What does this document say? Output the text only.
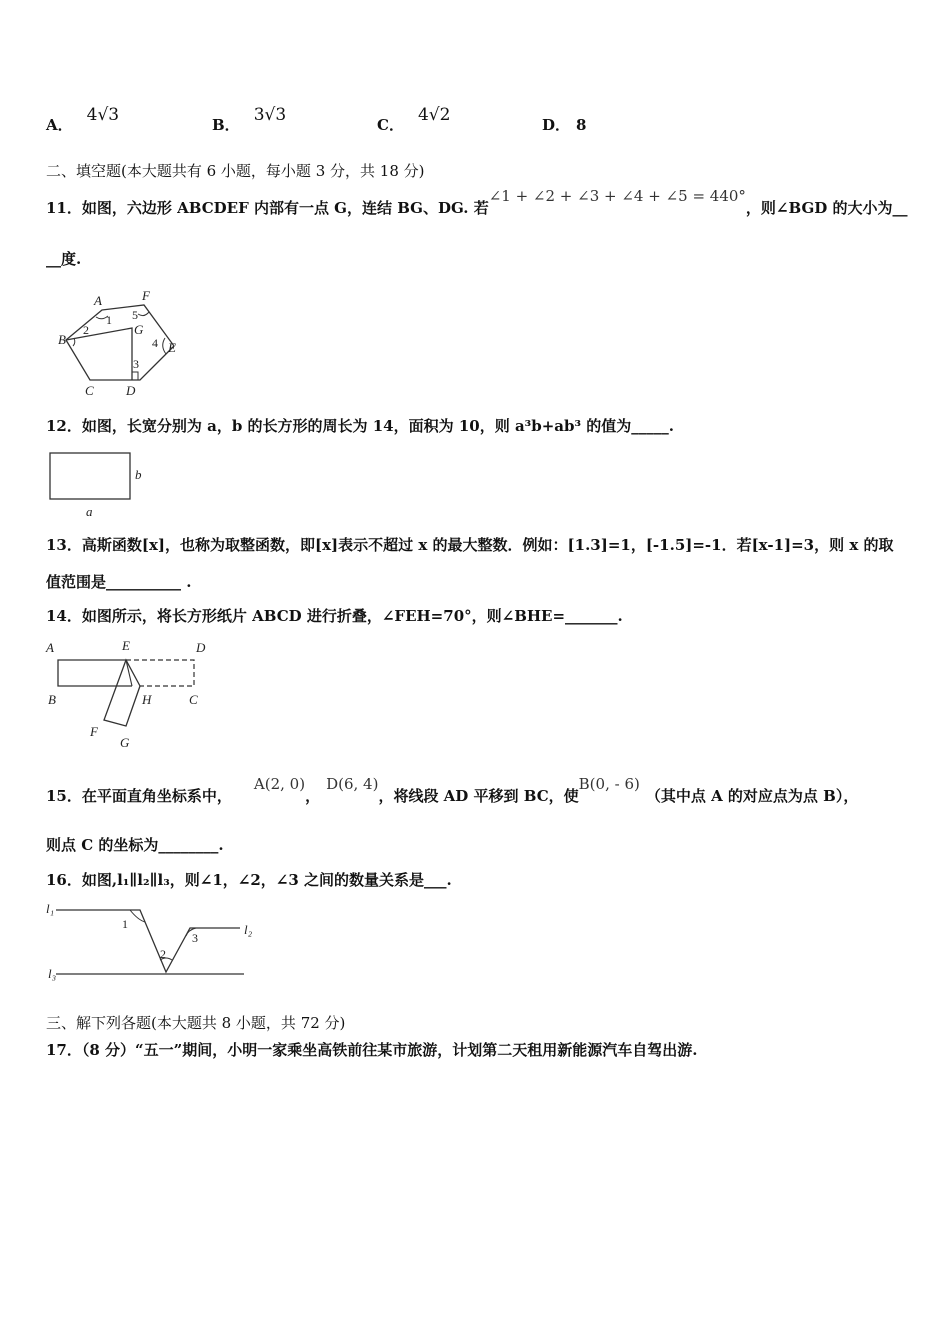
A． 4√3	B． 3√3	C． 4√2	D． 8
二、填空题(本大题共有 6 小题，每小题 3 分，共 18 分)
11．如图，六边形 ABCDEF 内部有一点 G，连结 BG、DG. 若∠1 + ∠2 + ∠3 + ∠4 + ∠5 = 440°，则∠BGD 的大小为__
__度.
A	F
B
G
E
C D
1
2
3
4
5
12．如图，长宽分别为 a，b 的长方形的周长为 14，面积为 10，则 a³b+ab³ 的值为_____.
b
a
13．高斯函数[x]，也称为取整函数，即[x]表示不超过 x 的最大整数．例如：[1.3]=1，[-1.5]=-1．若[x-1]=3，则 x 的取
值范围是__________ .
14．如图所示，将长方形纸片 ABCD 进行折叠，∠FEH=70°，则∠BHE=_______.
A	E	D
B	H	C
F
G
15．在平面直角坐标系中，A(2, 0)，D(6, 4)，将线段 AD 平移到 BC，使B(0, - 6)（其中点 A 的对应点为点 B），
则点 C 的坐标为________.
16．如图,l₁∥l₂∥l₃，则∠1，∠2，∠3 之间的数量关系是___.
l₁
l₂
l₃
1
2
3
三、解下列各题(本大题共 8 小题，共 72 分)
17．（8 分）“五一”期间，小明一家乘坐高铁前往某市旅游，计划第二天租用新能源汽车自驾出游.
